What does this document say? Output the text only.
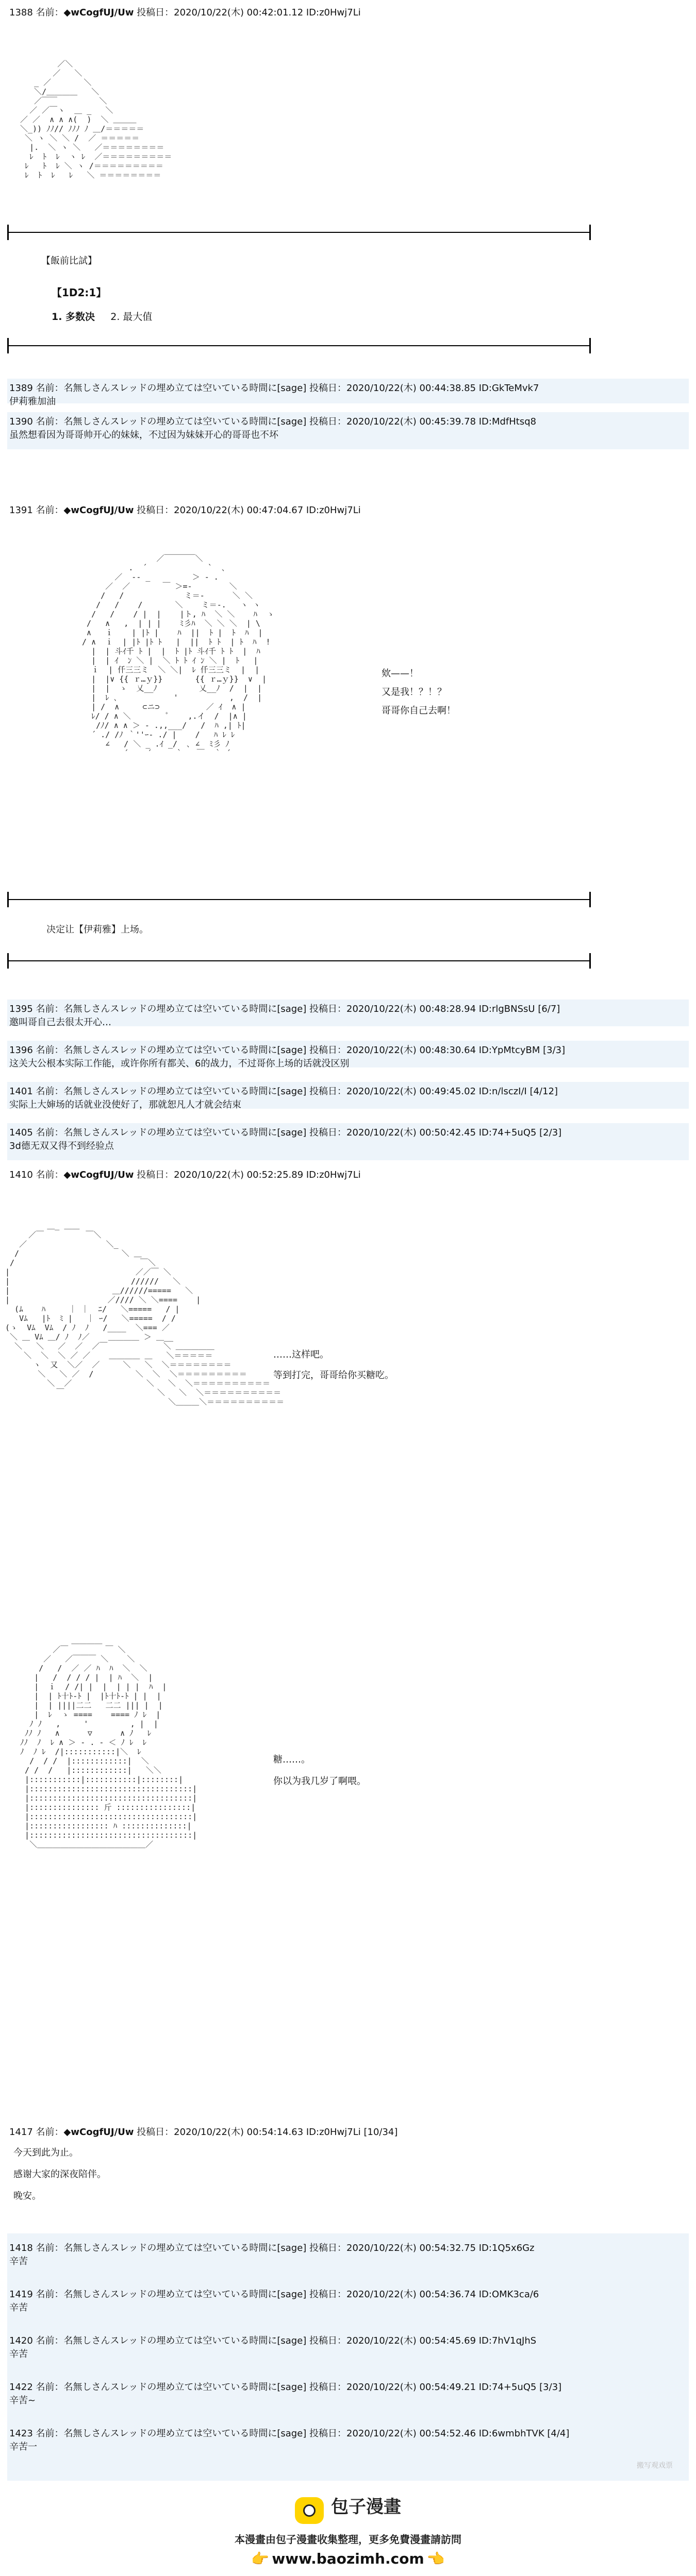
1388 名前：◆wCogfUJ/Uw 投稿日：2020/10/22(木) 00:42:01.12 ID:z0Hwj7Li
／＼
／   ＼
_ ／       ＼
＼/＿＿＿＿   ＼
／￣￣         ＼
／ ／￣ヽ  ＿ _   ＼
／ ／  ∧ ∧ ∧(  )  ＼ ＿＿＿
＼_)) ﾉﾉ// ﾉﾉﾉ ﾉ ＿/＝＝＝＝＝
＼ ヽ ＼ ＼ /  ／ ＝＝＝＝＝
|.  ＼ ヽ ＼   ／＝＝＝＝＝＝＝＝
ﾚ  ﾄ  ﾚ  ヽ ﾚ  ／＝＝＝＝＝＝＝＝＝
ﾚ   ﾄ  ﾚ ＼ ヽ /＝＝＝＝＝＝＝＝＝
ﾚ  ﾄ  ﾚ   ﾚ   ＼ ＝＝＝＝＝＝＝＝
【飯前比試】
【1D2:1】
1. 多数决 2. 最大值
1389 名前：名無しさんスレッドの埋め立ては空いている時間に[sage] 投稿日：2020/10/22(木) 00:44:38.85 ID:GkTeMvk7
伊莉雅加油
1390 名前：名無しさんスレッドの埋め立ては空いている時間に[sage] 投稿日：2020/10/22(木) 00:45:39.78 ID:MdfHtsq8
虽然想看因为哥哥帅开心的妹妹，不过因为妹妹开心的哥哥也不坏
1391 名前：◆wCogfUJ/Uw 投稿日：2020/10/22(木) 00:47:04.67 ID:z0Hwj7Li
／￣￣￣￣＼
.  ´             `  ､
／  ‐‐ _         ＞ - .
／  ／       ￣ ＞=‐        ＼
/   /             ミ＝‐      ＼ ＼
/   /    /       ＼    ミ＝‐.   ヽ ヽ
/   /    / |  |    |ト, ﾊ  ＼ ＼    ﾊ  ゝ
/   ∧   ,  | | |    ﾐ彡ﾊ  ＼ ＼ ＼  | \
∧   ｉ    | |ﾄ |    ﾊ  ||  ﾄ |  ﾄ  ﾊ  |
/ ∧  ｉ  | |ﾄ |ﾄ ﾄ   |  ||  ﾄ ﾄ  | ﾄ  ﾊ  !
|  | 斗ｲ千 ﾄ |  |  ﾄ |ﾄ 斗ｲ千 ﾄ ﾄ  |  ﾊ
|  | ｲ  ﾝ ＼ |  ＼ ﾄ ﾄ ｲ ﾝ ＼ |  ﾄ   |
ｉ  | 仟三三ミ  ＼ ＼|  ﾚ 仟三三ミ  |  |
|  |∨ {{ ｒ…ｙ}}       {{ ｒ…ｙ}}  ∨  |
|  |  ゝ  乂__ﾉ         乂__ﾉ  /  |  |
|  ﾚ ､            '           ,  /  |
| /  ∧     ⊂ニ⊃          ／ ｲ  ∧ |
ﾚ/ / ∧ ＼        ﾟ    ,.イ  /  |∧ |
/ﾉ/ ∧ ∧ ＞ - .,,___/   /  ﾊ ,| ﾄ|
´ ./ /ﾉ ｀''ｰ- ./ |    /   ﾊ ﾚ ﾚ
∠   / ＼ _ .ｲ _/  ､ ∠  ﾐ彡 ﾉ
´    ´     ｀   ￣  ｀ ´
欸——！
又是我！？！？
哥哥你自己去啊！
决定让【伊莉雅】上场。
1395 名前：名無しさんスレッドの埋め立ては空いている時間に[sage] 投稿日：2020/10/22(木) 00:48:28.94 ID:rlgBNSsU [6/7]
邀叫哥自己去很太开心…
1396 名前：名無しさんスレッドの埋め立ては空いている時間に[sage] 投稿日：2020/10/22(木) 00:48:30.64 ID:YpMtcyBM [3/3]
这关大公根本实际工作能，或许你所有都关、6的战力，不过哥你上场的话就没区别
1401 名前：名無しさんスレッドの埋め立ては空いている時間に[sage] 投稿日：2020/10/22(木) 00:49:45.02 ID:n/lsczI/I [4/12]
实际上大婶场的话就业没使好了，那就恕凡人才就会结束
1405 名前：名無しさんスレッドの埋め立ては空いている時間に[sage] 投稿日：2020/10/22(木) 00:50:42.45 ID:74+5uQ5 [2/3]
3d德无双又得不到经验点
1410 名前：◆wCogfUJ/Uw 投稿日：2020/10/22(木) 00:52:25.89 ID:z0Hwj7Li
＿_ ＿＿
／￣         ￣＼
／                 ＼_
/                      ＼ ＿
/                           ￣＼
|                           ／／￣ ＼
|                          //////   ＼
|                      ＿//////=====   ＼
|                     ／//// ＼ ＼====    |
(ﾑ    ﾊ     ｜ ｜  ﾆ/   ＼=====   / |
Vﾑ   |ﾄ  ﾐ |   ｜ ｰ/   ＼=====  / /
(ゝ  Vﾑ  Vﾑ  / ﾉ  ﾉ   /____  ＼=== ／
＼ ＿ Vﾑ ＿/ ﾉ  ﾉ／    ＿＿＿＿ ＞ ＿__
＼   ＼   ／  ／  ／￣            ＼ ＿＿＿＿＿
＼  ＼  ＼ ／ ／    ＿＿＿＿ ＿   ＼＝＝＝＝＝
ヽ  又  ＼／  ／     ＼   ＼  ＼＝＝＝＝＝＝＝＝
＼   ＼ ／  /         ＼  ＼  ＼＝＝＝＝＝＝＝＝＝
＼  ／                ＼   ＼  ＼＝＝＝＝＝＝＝＝＝＝
￣                    ＼   ＼  ＼＝＝＝＝＝＝＝＝＝＝
＼＿＿＿＼＝＝＝＝＝＝＝＝＝＝
……这样吧。
等到打完，哥哥给你买糖吃。
＿＿＿＿
／￣        ￣ ＼
／   ／￣￣￣ ＼    ＼
/   /  ／ ／ ﾊ  ﾊ  ＼  ＼
|   /  / / / |  | ﾊ  ＼  |
|  ｉ  / /| |  |  | | |  ﾊ  |
|  | ﾄ十ﾄ-ﾄ |  |ﾄ十ﾄ-ﾄ | |  |
|  | ||||二二   二二 ||| |  |
|  ﾚ  ゝ ====    ==== ﾉ ﾚ  |
ﾉ ﾉ   ,     '         , |  |
ﾉﾉ ﾉ   ∧      ▽      ∧ ﾉ   ﾚ
ﾉﾉ  ﾉ  ﾚ ∧ ＞ - . - ＜ ﾉ ﾚ  ﾚ
ﾉ  ﾉ ﾚ  /|:::::::::::|＼  ﾚ
/  / /  |::::::::::::|  ＼
/ /  /   |::::::::::::|   ＼＼
|:::::::::::|:::::::::::|::::::::|
|:::::::::::::::::::::::::::::::::::|
|:::::::::::::::::::::::::::::::::::|
|::::::::::::::: 斤 ::::::::::::::::|
|:::::::::::::::::::::::::::::::::::|
|::::::::::::::::: ﾊ ::::::::::::::|
|:::::::::::::::::::::::::::::::::::|
＼＿＿＿＿＿＿＿＿＿＿＿＿＿＿／
糖……。
你以为我几岁了啊喂。
1417 名前：◆wCogfUJ/Uw 投稿日：2020/10/22(木) 00:54:14.63 ID:z0Hwj7Li [10/34]
今天到此为止。
感谢大家的深夜陪伴。
晚安。
1418 名前：名無しさんスレッドの埋め立ては空いている時間に[sage] 投稿日：2020/10/22(木) 00:54:32.75 ID:1Q5x6Gz
辛苦
1419 名前：名無しさんスレッドの埋め立ては空いている時間に[sage] 投稿日：2020/10/22(木) 00:54:36.74 ID:OMK3ca/6
辛苦
1420 名前：名無しさんスレッドの埋め立ては空いている時間に[sage] 投稿日：2020/10/22(木) 00:54:45.69 ID:7hV1qJhS
辛苦
1422 名前：名無しさんスレッドの埋め立ては空いている時間に[sage] 投稿日：2020/10/22(木) 00:54:49.21 ID:74+5uQ5 [3/3]
辛苦~
1423 名前：名無しさんスレッドの埋め立ては空いている時間に[sage] 投稿日：2020/10/22(木) 00:54:52.46 ID:6wmbhTVK [4/4]
辛苦一
搬写观戏票
包子漫畫
本漫畫由包子漫畫收集整理，更多免費漫畫請訪問
👉 www.baozimh.com 👈
